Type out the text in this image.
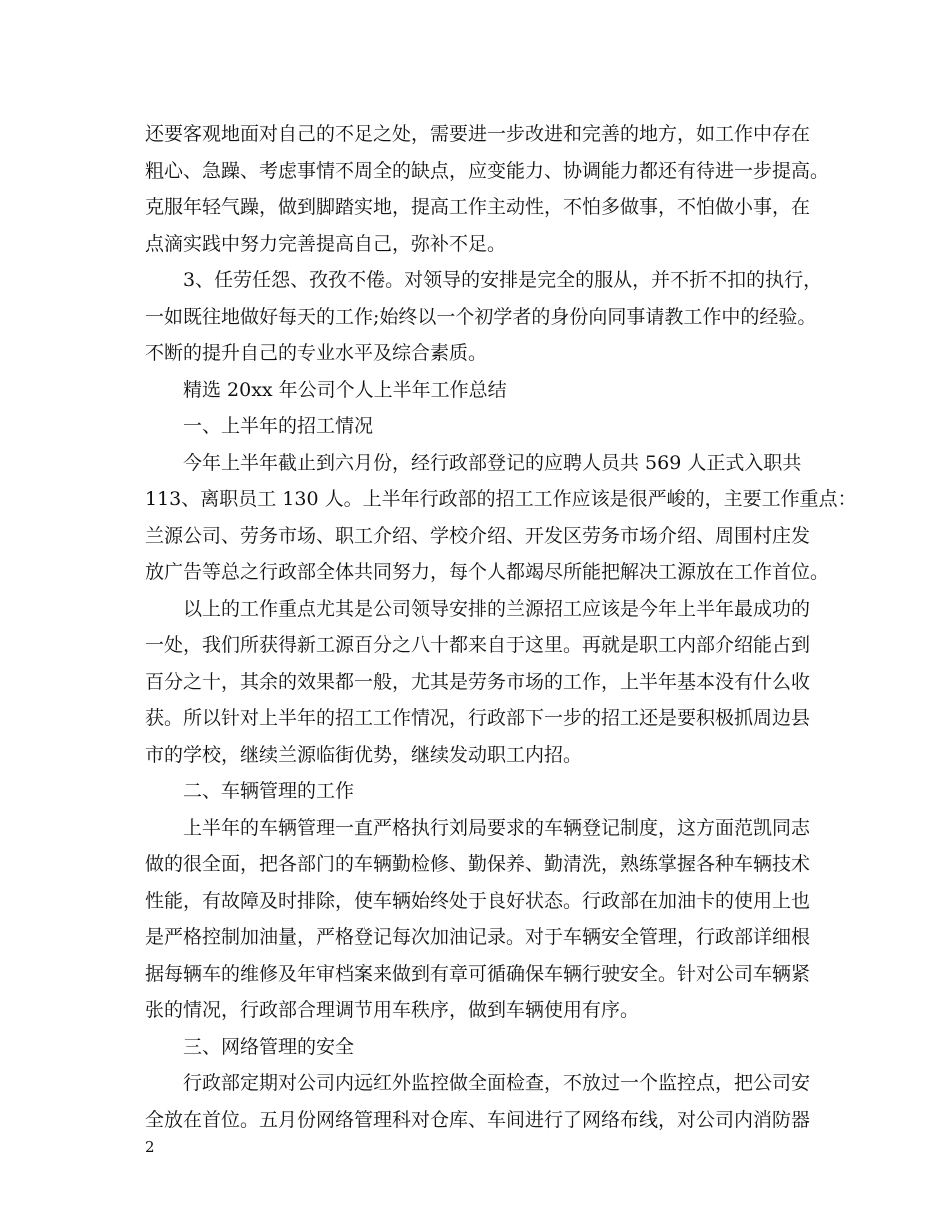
还要客观地面对自己的不足之处，需要进一步改进和完善的地方，如工作中存在
粗心、急躁、考虑事情不周全的缺点，应变能力、协调能力都还有待进一步提高。
克服年轻气躁，做到脚踏实地，提高工作主动性，不怕多做事，不怕做小事，在
点滴实践中努力完善提高自己，弥补不足。
3、任劳任怨、孜孜不倦。对领导的安排是完全的服从，并不折不扣的执行，
一如既往地做好每天的工作;始终以一个初学者的身份向同事请教工作中的经验。
不断的提升自己的专业水平及综合素质。
精选 20xx 年公司个人上半年工作总结
一、上半年的招工情况
今年上半年截止到六月份，经行政部登记的应聘人员共 569 人正式入职共
113、离职员工 130 人。上半年行政部的招工工作应该是很严峻的，主要工作重点：
兰源公司、劳务市场、职工介绍、学校介绍、开发区劳务市场介绍、周围村庄发
放广告等总之行政部全体共同努力，每个人都竭尽所能把解决工源放在工作首位。
以上的工作重点尤其是公司领导安排的兰源招工应该是今年上半年最成功的
一处，我们所获得新工源百分之八十都来自于这里。再就是职工内部介绍能占到
百分之十，其余的效果都一般，尤其是劳务市场的工作，上半年基本没有什么收
获。所以针对上半年的招工工作情况，行政部下一步的招工还是要积极抓周边县
市的学校，继续兰源临街优势，继续发动职工内招。
二、车辆管理的工作
上半年的车辆管理一直严格执行刘局要求的车辆登记制度，这方面范凯同志
做的很全面，把各部门的车辆勤检修、勤保养、勤清洗，熟练掌握各种车辆技术
性能，有故障及时排除，使车辆始终处于良好状态。行政部在加油卡的使用上也
是严格控制加油量，严格登记每次加油记录。对于车辆安全管理，行政部详细根
据每辆车的维修及年审档案来做到有章可循确保车辆行驶安全。针对公司车辆紧
张的情况，行政部合理调节用车秩序，做到车辆使用有序。
三、网络管理的安全
行政部定期对公司内远红外监控做全面检查，不放过一个监控点，把公司安
全放在首位。五月份网络管理科对仓库、车间进行了网络布线，对公司内消防器
2
